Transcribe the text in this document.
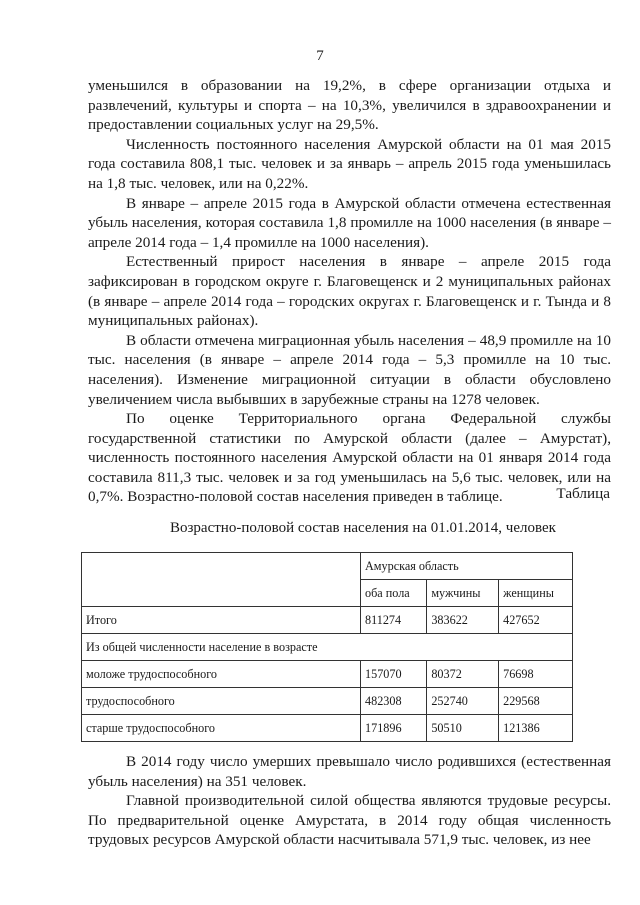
7

уменьшился в образовании на 19,2%, в сфере организации отдыха и развлечений, культуры и спорта – на 10,3%, увеличился в здравоохранении и предоставлении социальных услуг на 29,5%.

Численность постоянного населения Амурской области на 01 мая 2015 года составила 808,1 тыс. человек и за январь – апрель 2015 года уменьшилась на 1,8 тыс. человек, или на 0,22%.

В январе – апреле 2015 года в Амурской области отмечена естественная убыль населения, которая составила 1,8 промилле на 1000 населения (в январе – апреле 2014 года – 1,4 промилле на 1000 населения).

Естественный прирост населения в январе – апреле 2015 года зафиксирован в городском округе г. Благовещенск и 2 муниципальных районах (в январе – апреле 2014 года – городских округах г. Благовещенск и г. Тында и 8 муниципальных районах).

В области отмечена миграционная убыль населения – 48,9 промилле на 10 тыс. населения (в январе – апреле 2014 года – 5,3 промилле на 10 тыс. населения). Изменение миграционной ситуации в области обусловлено увеличением числа выбывших в зарубежные страны на 1278 человек.

По оценке Территориального органа Федеральной службы государственной статистики по Амурской области (далее – Амурстат), численность постоянного населения Амурской области на 01 января 2014 года составила 811,3 тыс. человек и за год уменьшилась на 5,6 тыс. человек, или на 0,7%. Возрастно-половой состав населения приведен в таблице.	Таблица
Возрастно-половой состав населения на 01.01.2014, человек
	Амурская область		
	оба пола	мужчины	женщины
Итого	811274	383622	427652
Из общей численности население в возрасте			
моложе трудоспособного	157070	80372	76698
трудоспособного	482308	252740	229568
старше трудоспособного	171896	50510	121386

В 2014 году число умерших превышало число родившихся (естественная убыль населения) на 351 человек.

Главной производительной силой общества являются трудовые ресурсы. По предварительной оценке Амурстата, в 2014 году общая численность трудовых ресурсов Амурской области насчитывала 571,9 тыс. человек, из нее
